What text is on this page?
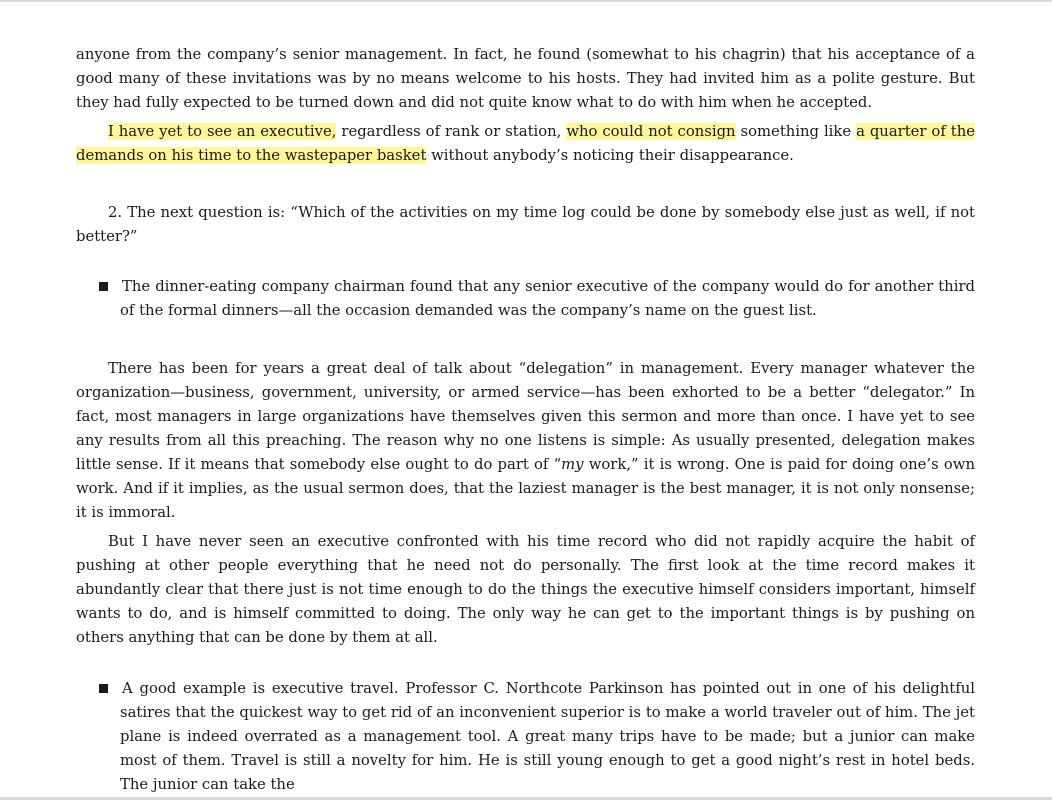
anyone from the company’s senior management. In fact, he found (somewhat to his chagrin) that his acceptance of a good many of these invitations was by no means welcome to his hosts. They had invited him as a polite gesture. But they had fully expected to be turned down and did not quite know what to do with him when he accepted.

I have yet to see an executive, regardless of rank or station, who could not consign something like a quarter of the demands on his time to the wastepaper basket without anybody’s noticing their disappearance.

2. The next question is: “Which of the activities on my time log could be done by somebody else just as well, if not better?”

The dinner-eating company chairman found that any senior executive of the company would do for another third of the formal dinners—all the occasion demanded was the company’s name on the guest list.

There has been for years a great deal of talk about “delegation” in management. Every manager whatever the organization—business, government, university, or armed service—has been exhorted to be a better “delegator.” In fact, most managers in large organizations have themselves given this sermon and more than once. I have yet to see any results from all this preaching. The reason why no one listens is simple: As usually presented, delegation makes little sense. If it means that somebody else ought to do part of “my work,” it is wrong. One is paid for doing one’s own work. And if it implies, as the usual sermon does, that the laziest manager is the best manager, it is not only nonsense; it is immoral.

But I have never seen an executive confronted with his time record who did not rapidly acquire the habit of pushing at other people everything that he need not do personally. The first look at the time record makes it abundantly clear that there just is not time enough to do the things the executive himself considers important, himself wants to do, and is himself committed to doing. The only way he can get to the important things is by pushing on others anything that can be done by them at all.

A good example is executive travel. Professor C. Northcote Parkinson has pointed out in one of his delightful satires that the quickest way to get rid of an inconvenient superior is to make a world traveler out of him. The jet plane is indeed overrated as a management tool. A great many trips have to be made; but a junior can make most of them. Travel is still a novelty for him. He is still young enough to get a good night’s rest in hotel beds. The junior can take the
